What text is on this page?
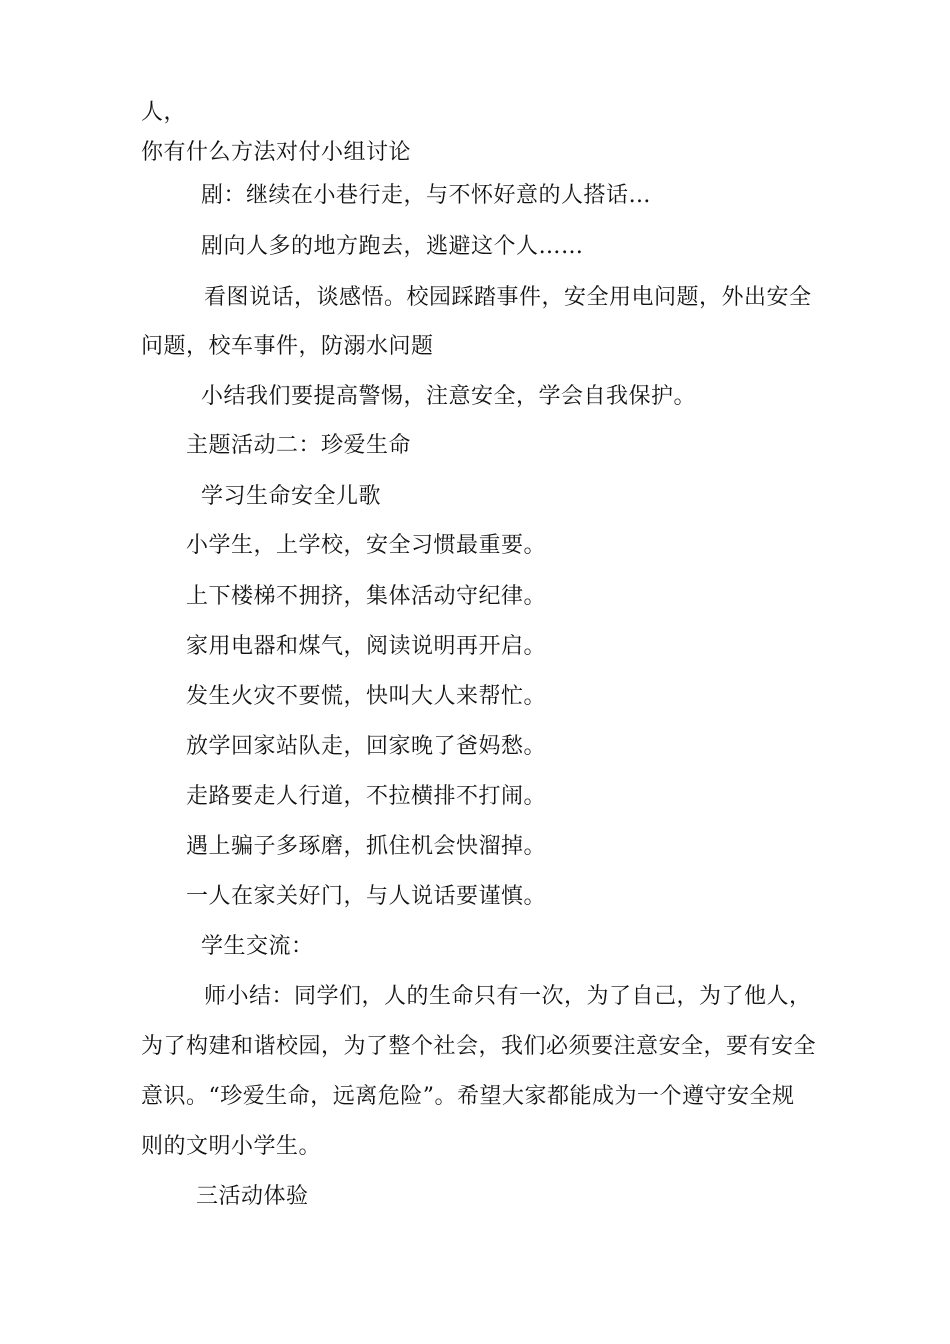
人，
你有什么方法对付小组讨论
剧：继续在小巷行走，与不怀好意的人搭话…
剧向人多的地方跑去，逃避这个人……
看图说话，谈感悟。校园踩踏事件，安全用电问题，外出安全
问题，校车事件，防溺水问题
小结我们要提高警惕，注意安全，学会自我保护。
主题活动二：珍爱生命
学习生命安全儿歌
小学生，上学校，安全习惯最重要。
上下楼梯不拥挤，集体活动守纪律。
家用电器和煤气，阅读说明再开启。
发生火灾不要慌，快叫大人来帮忙。
放学回家站队走，回家晚了爸妈愁。
走路要走人行道，不拉横排不打闹。
遇上骗子多琢磨，抓住机会快溜掉。
一人在家关好门，与人说话要谨慎。
学生交流：
师小结：同学们，人的生命只有一次，为了自己，为了他人，
为了构建和谐校园，为了整个社会，我们必须要注意安全，要有安全
意识。“珍爱生命，远离危险”。希望大家都能成为一个遵守安全规
则的文明小学生。
三活动体验
